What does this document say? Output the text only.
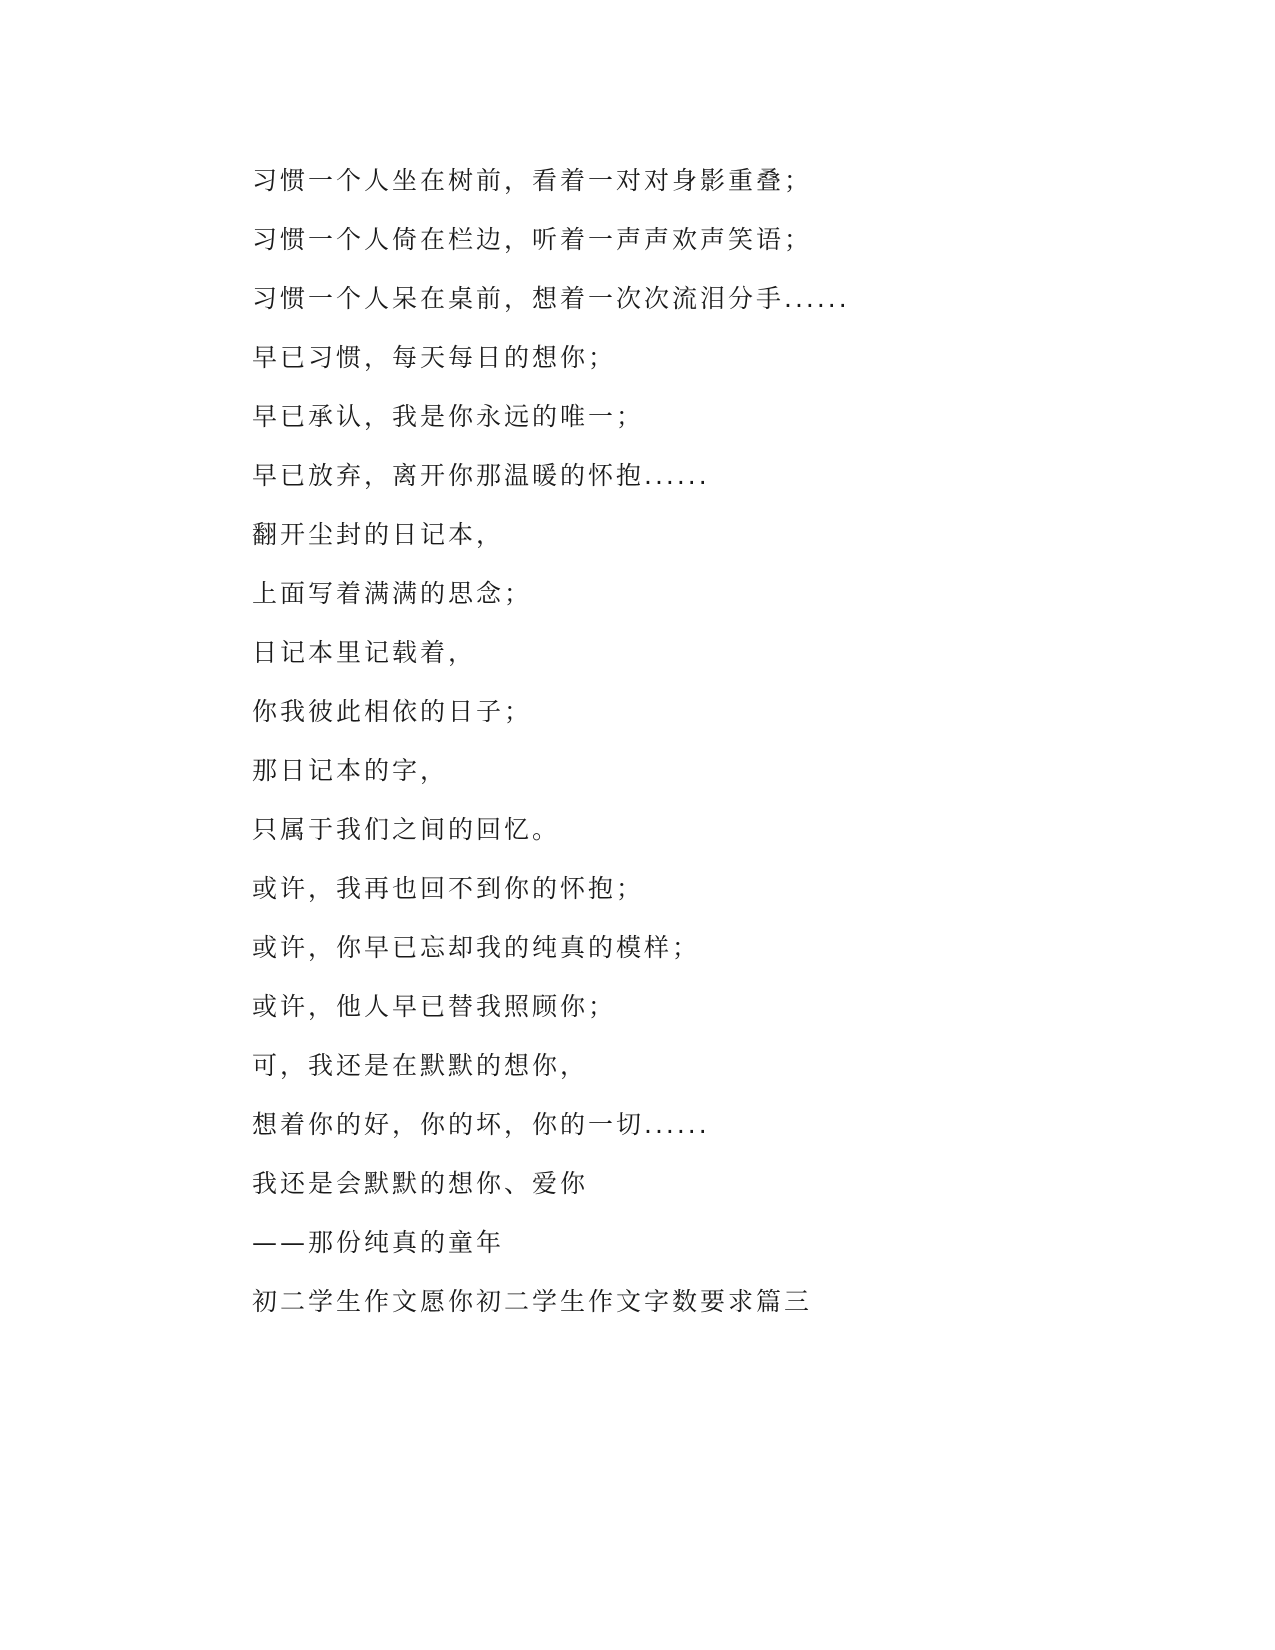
习惯一个人坐在树前，看着一对对身影重叠；
习惯一个人倚在栏边，听着一声声欢声笑语；
习惯一个人呆在桌前，想着一次次流泪分手......
早已习惯，每天每日的想你；
早已承认，我是你永远的唯一；
早已放弃，离开你那温暖的怀抱......
翻开尘封的日记本，
上面写着满满的思念；
日记本里记载着，
你我彼此相依的日子；
那日记本的字，
只属于我们之间的回忆。
或许，我再也回不到你的怀抱；
或许，你早已忘却我的纯真的模样；
或许，他人早已替我照顾你；
可，我还是在默默的想你，
想着你的好，你的坏，你的一切......
我还是会默默的想你、爱你
——那份纯真的童年
初二学生作文愿你初二学生作文字数要求篇三
